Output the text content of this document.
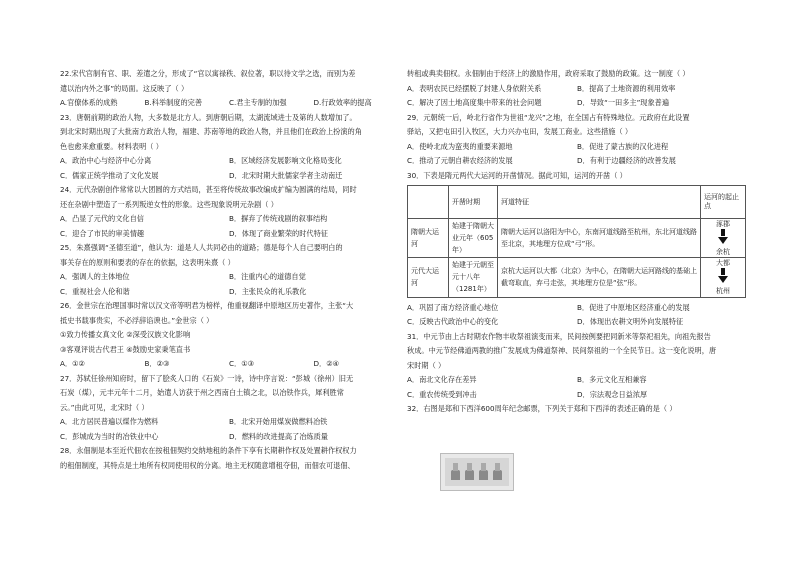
22.宋代官制有官、职、差遣之分，形成了“官以寓禄秩、叙位著，职以待文学之选，而别为差

遣以治内外之事”的局面。这反映了（ ）

A.官僚体系的成熟	B.科举制度的完善	C.君主专制的加强	D.行政效率的提高

23．唐朝前期的政治人物，大多数是北方人。到唐朝后期，太湖流域进士及第的人数增加了。

到北宋时期出现了大批南方政治人物，福建、苏南等地的政治人物，并且他们在政治上扮演的角

色也愈来愈重要。材料表明（ ）

A．政治中心与经济中心分离	B．区域经济发展影响文化格局变化
C．儒家正统学推动了文化发展	D．北宋时期大批儒家学者主动南迁

24．元代杂剧创作常常以大团圆的方式结局，甚至将传统故事改编成扩编为圆满的结局，同时

还在杂剧中塑造了一系列叛逆女性的形象。这些现象说明元杂剧（ ）

A．凸显了元代的文化自信	B．摒弃了传统戏剧的叙事结构
C．迎合了市民的审美情趣	D．体现了商业繁荣的时代特征

25．朱熹强调“圣德至道”，他认为：道是人人共同必由的道路；德是每个人自己要明白的

事关存在的原则和要表的存在的依据，这表明朱熹（ ）

A．强调人的主体地位	B．注重内心的道德自觉
C．重视社会人伦和谐	D．主张民众的礼乐教化

26．金世宗在治理国事时常以汉文帝等明君为榜样，他重视翻译中原地区历史著作，主张“大

抵史书载事贵实，不必浮辞谄谀也。”金世宗（ ）

①致力传播女真文化 ②深受汉族文化影响

③客观评说古代君王 ④鼓励史家秉笔直书

A．①②	B．②③	C．①③	D．②④

27．苏轼任徐州知府时，留下了脍炙人口的《石炭》一诗，诗中序言说：“彭城（徐州）旧无

石炭（煤），元丰元年十二月，始遣人访获于州之西南白土镇之北，以冶铁作兵，犀利胜常

云。”由此可见，北宋时（ ）

A．北方居民普遍以煤作为燃料	B．北宋开始用煤炭做燃料冶铁
C．彭城成为当时的冶铁业中心	D．燃料的改进提高了冶炼质量

28．永佃制是本至近代佃农在按租佃契约交纳地租的条件下享有长期耕作权及处置耕作权权力

的租佃制度，其特点是土地所有权同使用权的分离。地主无权随意增租夺佃，而佃农可退佃、

转租或典卖佃权。永佃制由于经济上的激励作用，政府采取了鼓励的政策。这一制度（ ）

A．表明农民已经摆脱了封建人身依附关系	B．提高了土地资源的利用效率
C．解决了因土地高度集中带来的社会问题	D．导致“一田多主”现象普遍

29．元朝统一后，岭北行省作为世祖“龙兴”之地，在全国占有特殊地位。元政府在此设置

驿站，又把屯田引入牧区，大力兴办屯田，发展工商业。这些措施（ ）

A．使岭北成为蛮夷的重要来源地	B．促进了蒙古族的汉化进程
C．推动了元朝自耕农经济的发展	D．有利于边疆经济的改善发展

30．下表是隋元两代大运河的开凿情况。据此可知，运河的开凿（ ）

	开凿时期	河道特征	运河的起止点
隋朝大运河	始建于隋朝大业元年（605年）	隋朝大运河以洛阳为中心，东南河道线路至杭州，东北河道线路至北京，其地理方位成“弓”形。	涿郡
余杭

元代大运河	始建于元朝至元十八年（1281年）	京杭大运河以大都（北京）为中心，在隋朝大运河路线的基础上截弯取直，弃弓走弦，其地理方位是“弦”形。	大都
杭州
A．巩固了南方经济重心地位	B．促进了中原地区经济重心的发展
C．反映古代政治中心的变化	D．体现出农耕文明外向发展特征

31．中元节由上古时期农作物丰收祭祖演变而来，民间按例要把同新米等祭祀祖先，向祖先报告

秋成。中元节经佛道两教的推广发展成为佛道祭神、民间祭祖的一个全民节日。这一变化说明，唐

宋时期（ ）

A．南北文化存在差异	B．多元文化互相兼容
C．重农传统受到冲击	D．宗法观念日益浓厚

32．右图是郑和下西洋600周年纪念邮票，下列关于郑和下西洋的表述正确的是（ ）
